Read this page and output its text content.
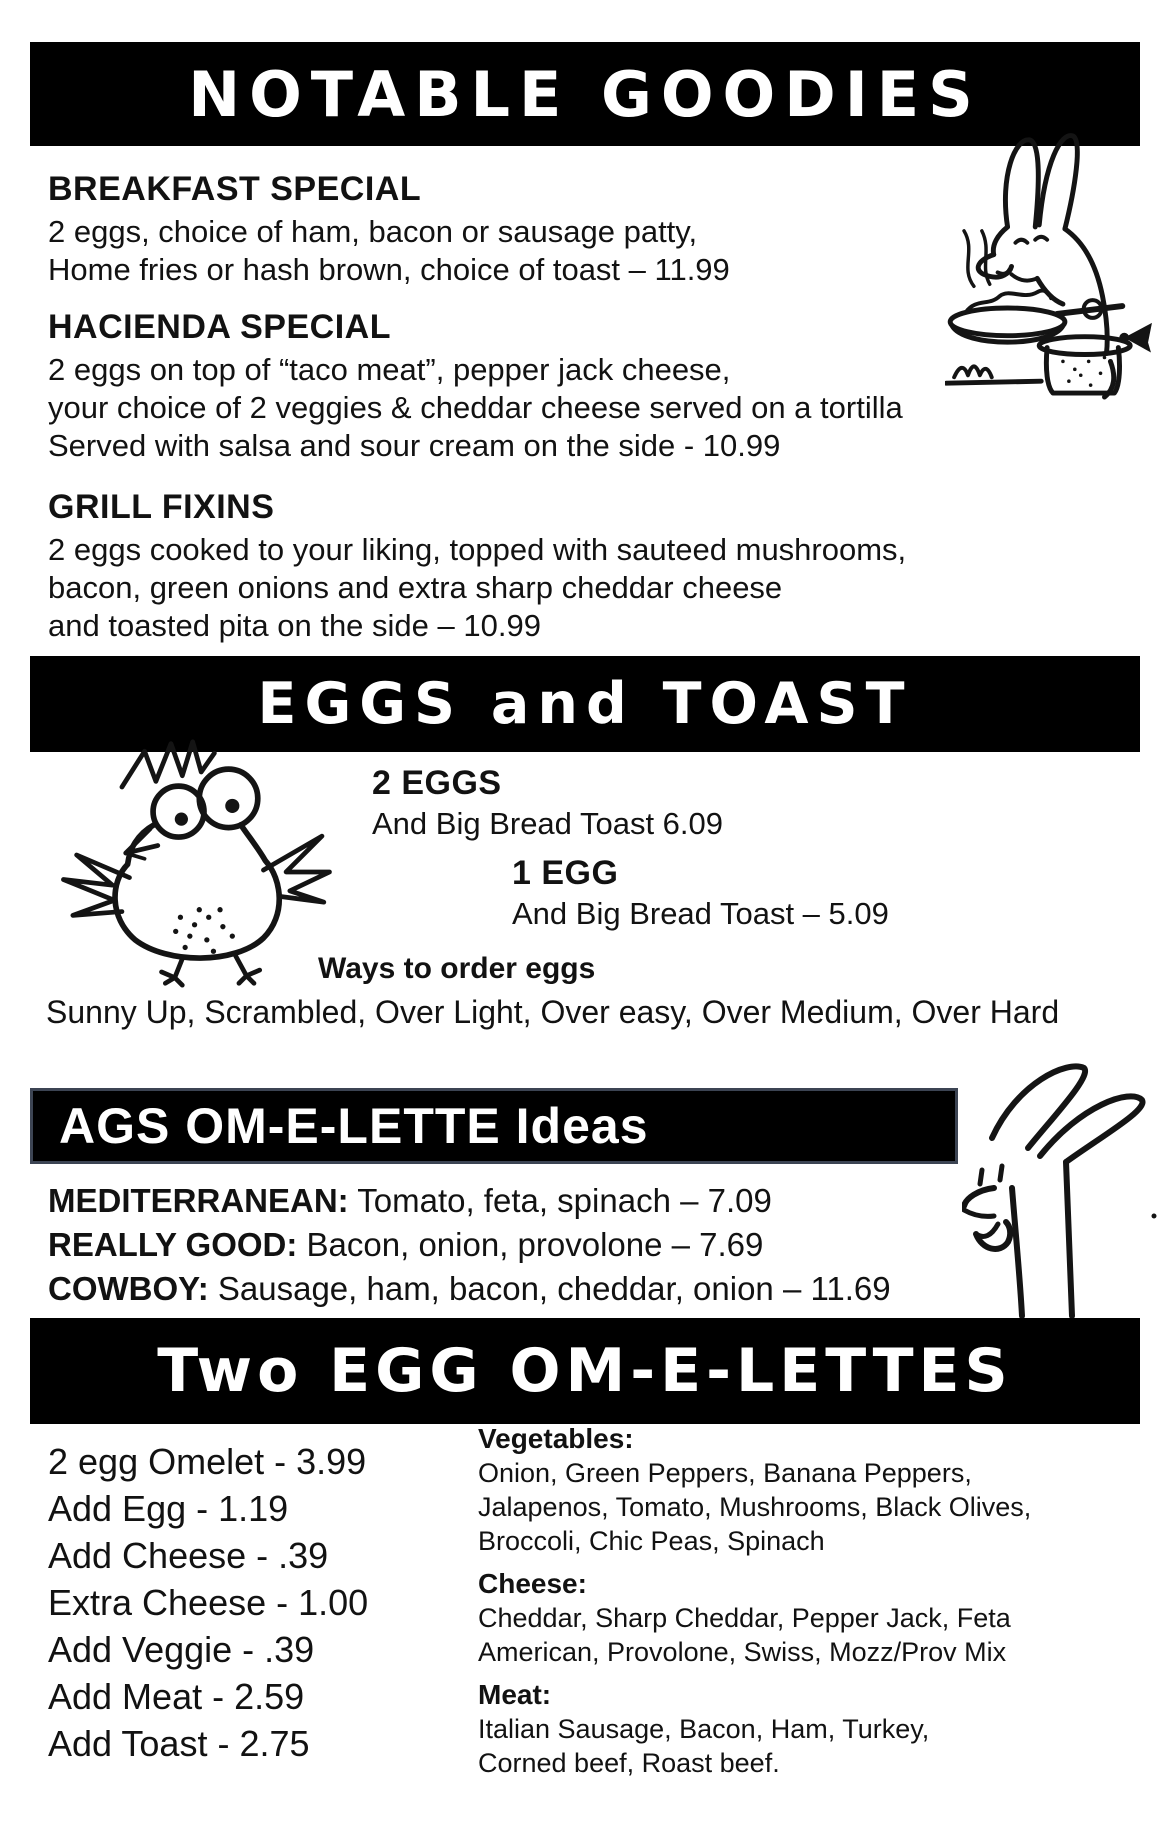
NOTABLE GOODIES
BREAKFAST SPECIAL
2 eggs, choice of ham, bacon or sausage patty,
Home fries or hash brown, choice of toast – 11.99
HACIENDA SPECIAL
2 eggs on top of “taco meat”, pepper jack cheese,
your choice of 2 veggies & cheddar cheese served on a tortilla
Served with salsa and sour cream on the side - 10.99
GRILL FIXINS
2 eggs cooked to your liking, topped with sauteed mushrooms,
bacon, green onions and extra sharp cheddar cheese
and toasted pita on the side – 10.99
EGGS and TOAST
2 EGGS
And Big Bread Toast 6.09
1 EGG
And Big Bread Toast – 5.09
Ways to order eggs
Sunny Up, Scrambled, Over Light, Over easy, Over Medium, Over Hard
AGS OM-E-LETTE Ideas
MEDITERRANEAN: Tomato, feta, spinach – 7.09
REALLY GOOD: Bacon, onion, provolone – 7.69
COWBOY: Sausage, ham, bacon, cheddar, onion – 11.69
Two EGG OM-E-LETTES
2 egg Omelet - 3.99
Add Egg - 1.19
Add Cheese - .39
Extra Cheese - 1.00
Add Veggie - .39
Add Meat - 2.59
Add Toast - 2.75
Vegetables:
Onion, Green Peppers, Banana Peppers,
Jalapenos, Tomato, Mushrooms, Black Olives,
Broccoli, Chic Peas, Spinach
Cheese:
Cheddar, Sharp Cheddar, Pepper Jack, Feta
American, Provolone, Swiss, Mozz/Prov Mix
Meat:
Italian Sausage, Bacon, Ham, Turkey,
Corned beef, Roast beef.
